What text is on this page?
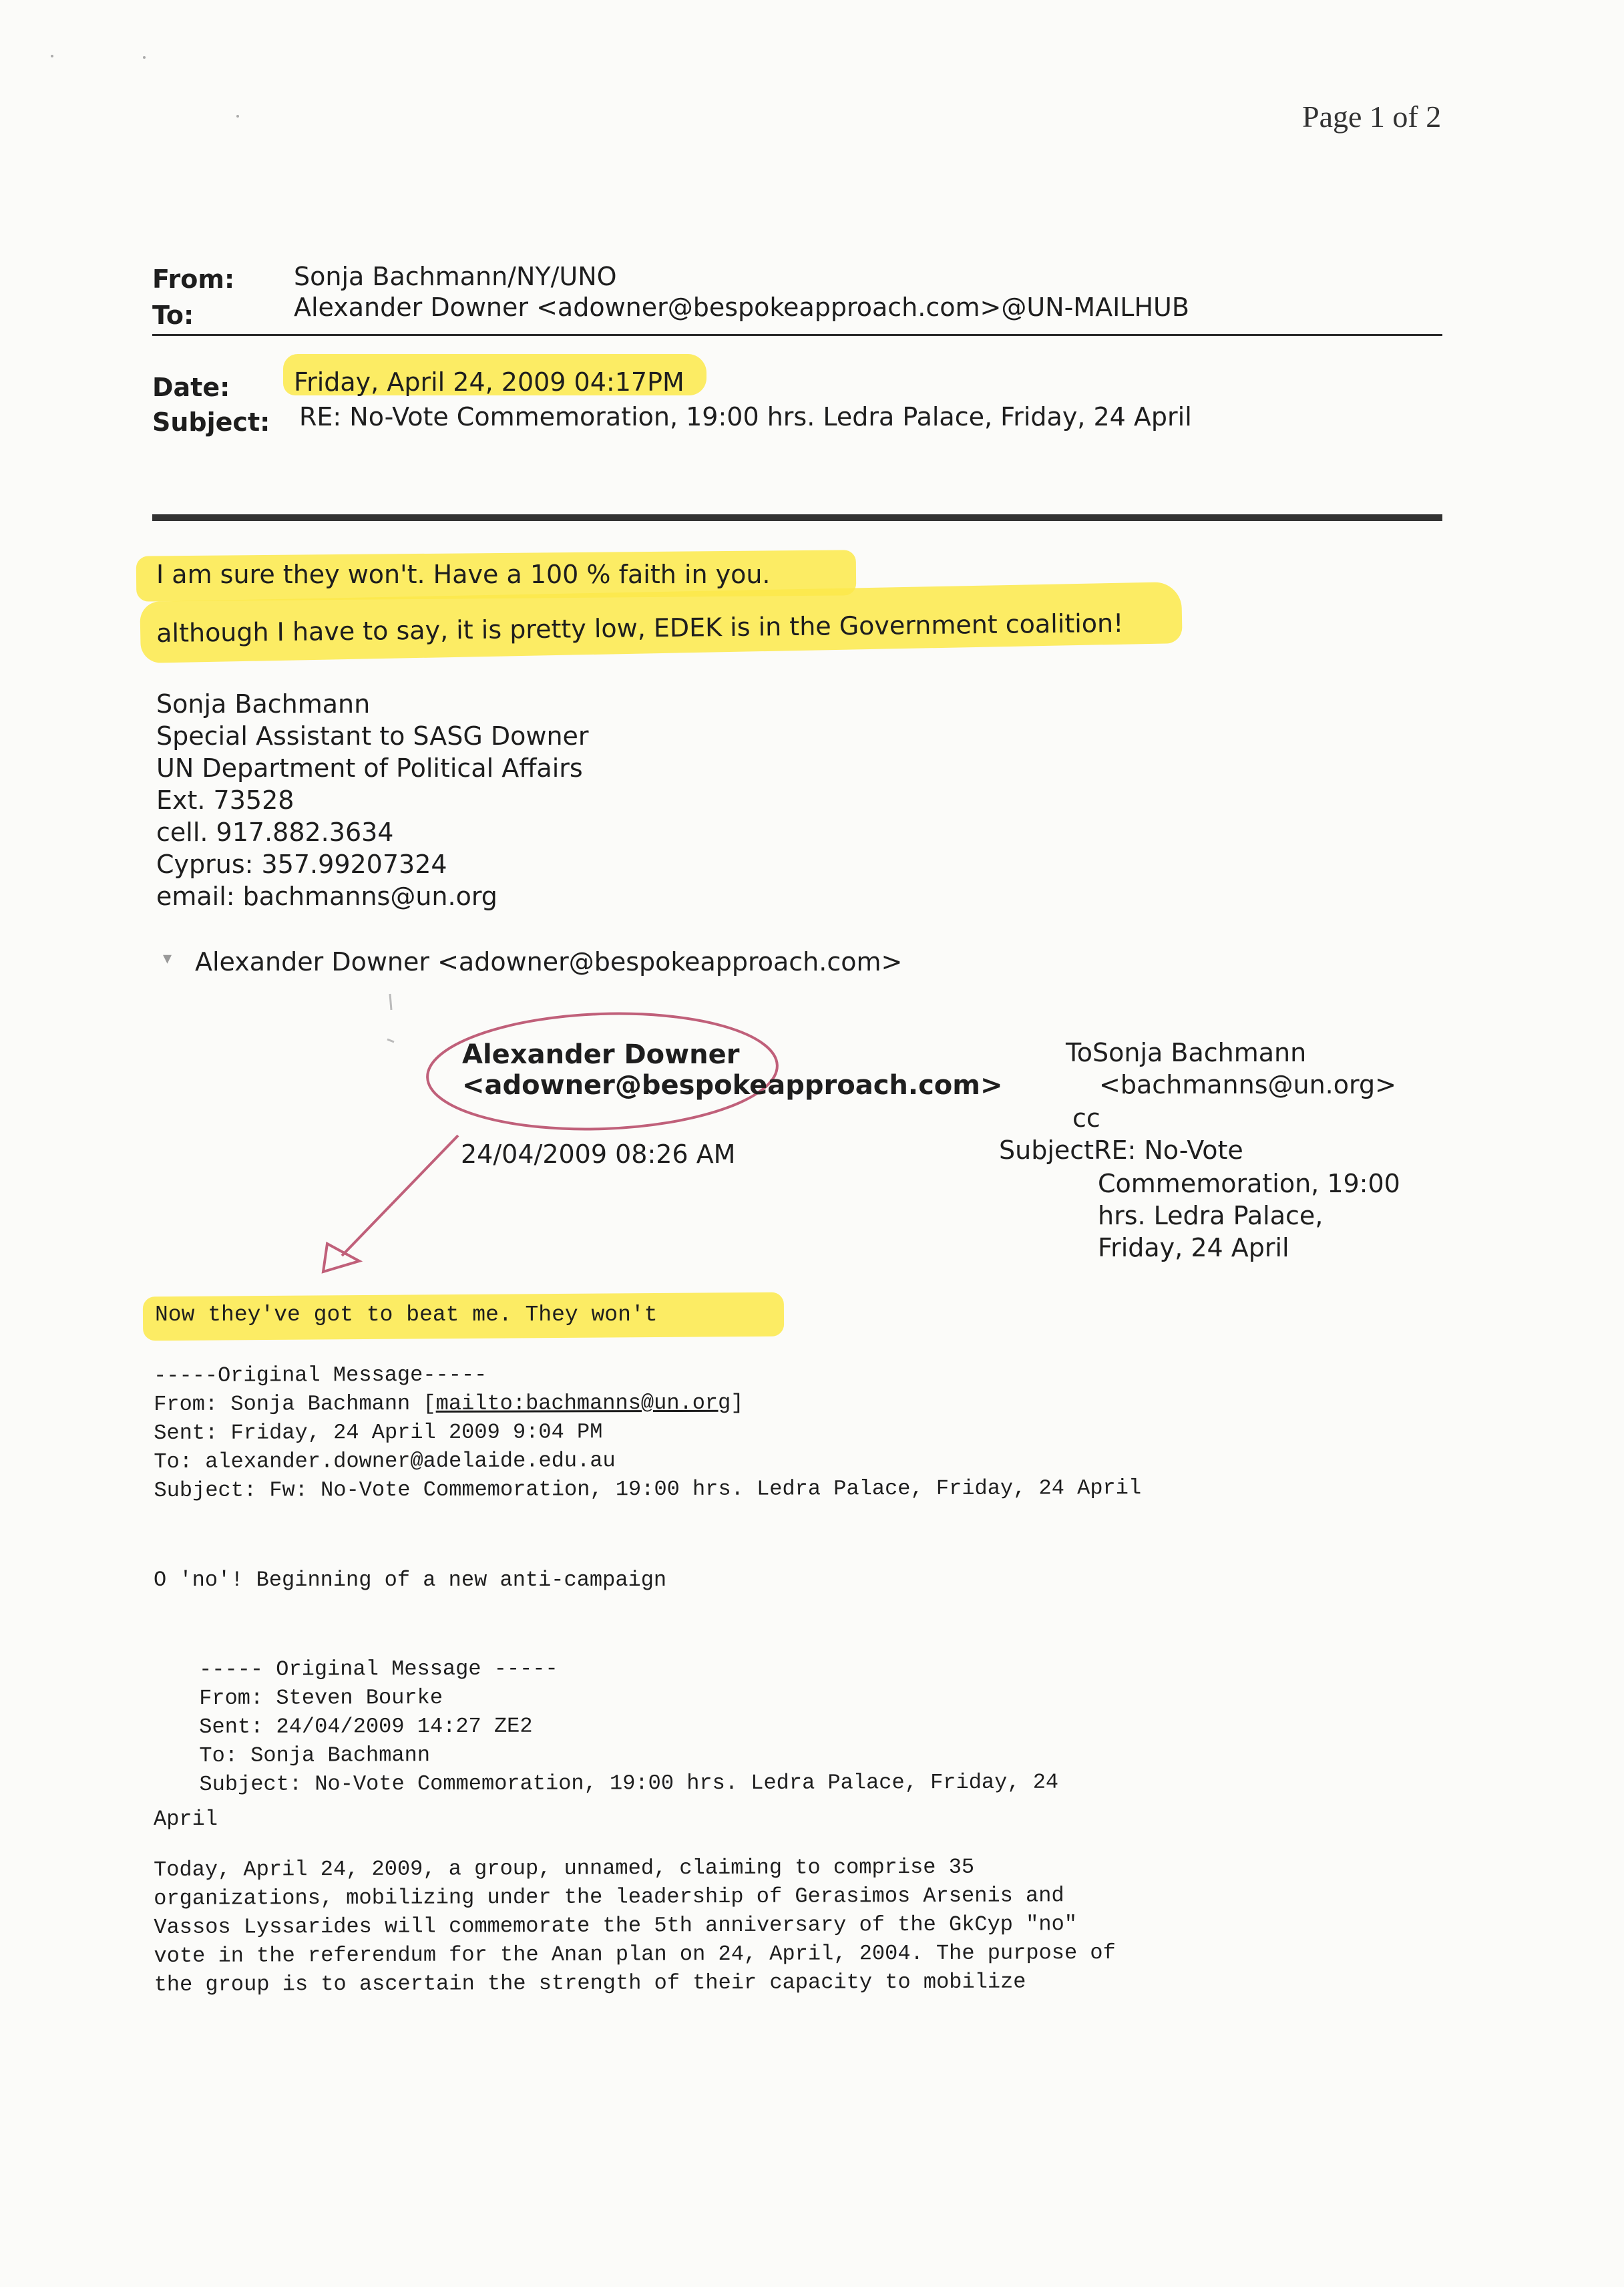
Page 1 of 2
From: Sonja Bachmann/NY/UNO
To:	Alexander Downer <adowner@bespokeapproach.com>@UN-MAILHUB
Date:	Friday, April 24, 2009 04:17PM
Subject: RE: No-Vote Commemoration, 19:00 hrs. Ledra Palace, Friday, 24 April
I am sure they won't. Have a 100 % faith in you.
although I have to say, it is pretty low, EDEK is in the Government coalition!
Sonja Bachmann
Special Assistant to SASG Downer
UN Department of Political Affairs
Ext. 73528
cell. 917.882.3634
Cyprus: 357.99207324
email: bachmanns@un.org
▾ Alexander Downer <adowner@bespokeapproach.com>
Alexander Downer
<adowner@bespokeapproach.com>
24/04/2009 08:26 AM
ToSonja Bachmann
<bachmanns@un.org>
cc
SubjectRE: No-Vote
Commemoration, 19:00
hrs. Ledra Palace,
Friday, 24 April
Now they've got to beat me. They won't
-----Original Message-----
From: Sonja Bachmann [mailto:bachmanns@un.org]
Sent: Friday, 24 April 2009 9:04 PM
To: alexander.downer@adelaide.edu.au
Subject: Fw: No-Vote Commemoration, 19:00 hrs. Ledra Palace, Friday, 24 April
O 'no'! Beginning of a new anti-campaign
----- Original Message -----
From: Steven Bourke
Sent: 24/04/2009 14:27 ZE2
To: Sonja Bachmann
Subject: No-Vote Commemoration, 19:00 hrs. Ledra Palace, Friday, 24
April
Today, April 24, 2009, a group, unnamed, claiming to comprise 35
organizations, mobilizing under the leadership of Gerasimos Arsenis and
Vassos Lyssarides will commemorate the 5th anniversary of the GkCyp "no"
vote in the referendum for the Anan plan on 24, April, 2004. The purpose of
the group is to ascertain the strength of their capacity to mobilize
